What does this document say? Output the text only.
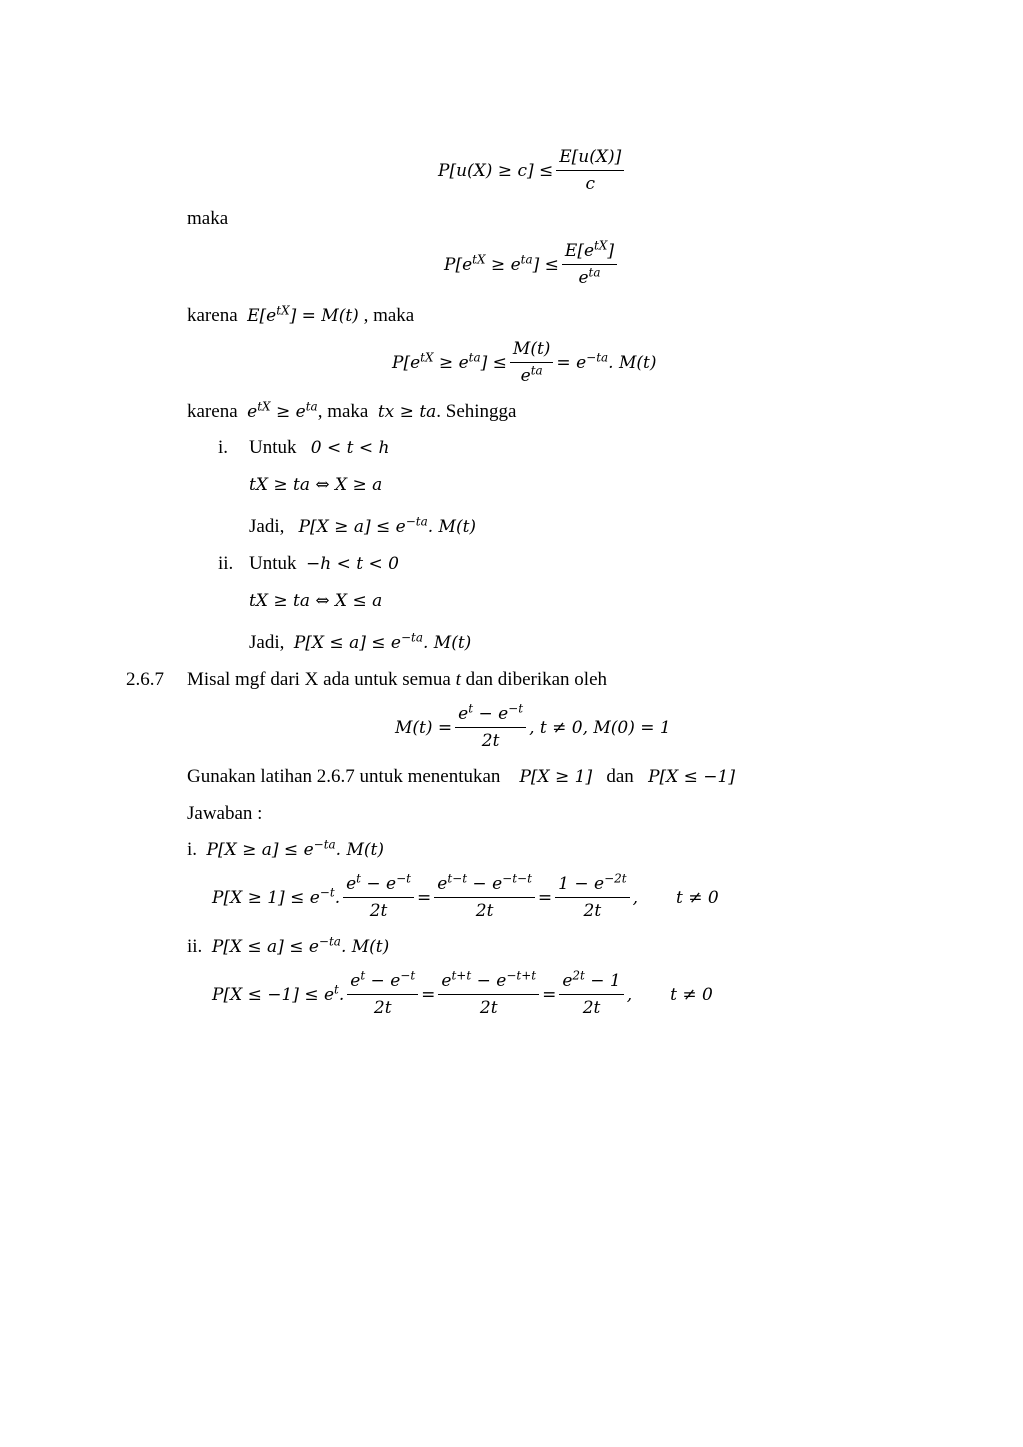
$P[u(X) \ge c] \le \frac{E[u(X)]}{c}$
maka
$P[e^{tX} \ge e^{ta}] \le \frac{E[e^{tX}]}{e^{ta}}$
karena $E[e^{tX}] = M(t)$ , maka
$P[e^{tX} \ge e^{ta}] \le \frac{M(t)}{e^{ta}} = e^{-ta}$. M(t)
karena $e^{tX} \ge e^{ta}$, maka tx ≥ ta. Sehingga
i. Untuk 0 < t < h
tX ≥ ta ⇔ X ≥ a
Jadi, $P[X \ge a] \le e^{-ta}$. M(t)
ii. Untuk −h < t < 0
tX ≥ ta ⇔ X ≤ a
Jadi, $P[X \le a] \le e^{-ta}$. M(t)
2.6.7 Misal mgf dari X ada untuk semua t dan diberikan oleh
$M(t) = \frac{e^t - e^{-t}}{2t}$ , t ≠ 0, M(0) = 1
Gunakan latihan 2.6.7 untuk menentukan P[X ≥ 1] dan P[X ≤ −1]
Jawaban :
i. $P[X \ge a] \le e^{-ta}$. M(t)
$P[X \ge 1] \le e^{-t}$. $\frac{e^t - e^{-t}}{2t} = \frac{e^{t-t} - e^{-t-t}}{2t} = \frac{1 - e^{-2t}}{2t}$ , t ≠ 0
ii. $P[X \le a] \le e^{-ta}$. M(t)
$P[X \le -1] \le e^t$. $\frac{e^t - e^{-t}}{2t} = \frac{e^{t+t} - e^{-t+t}}{2t} = \frac{e^{2t} - 1}{2t}$ , t ≠ 0
